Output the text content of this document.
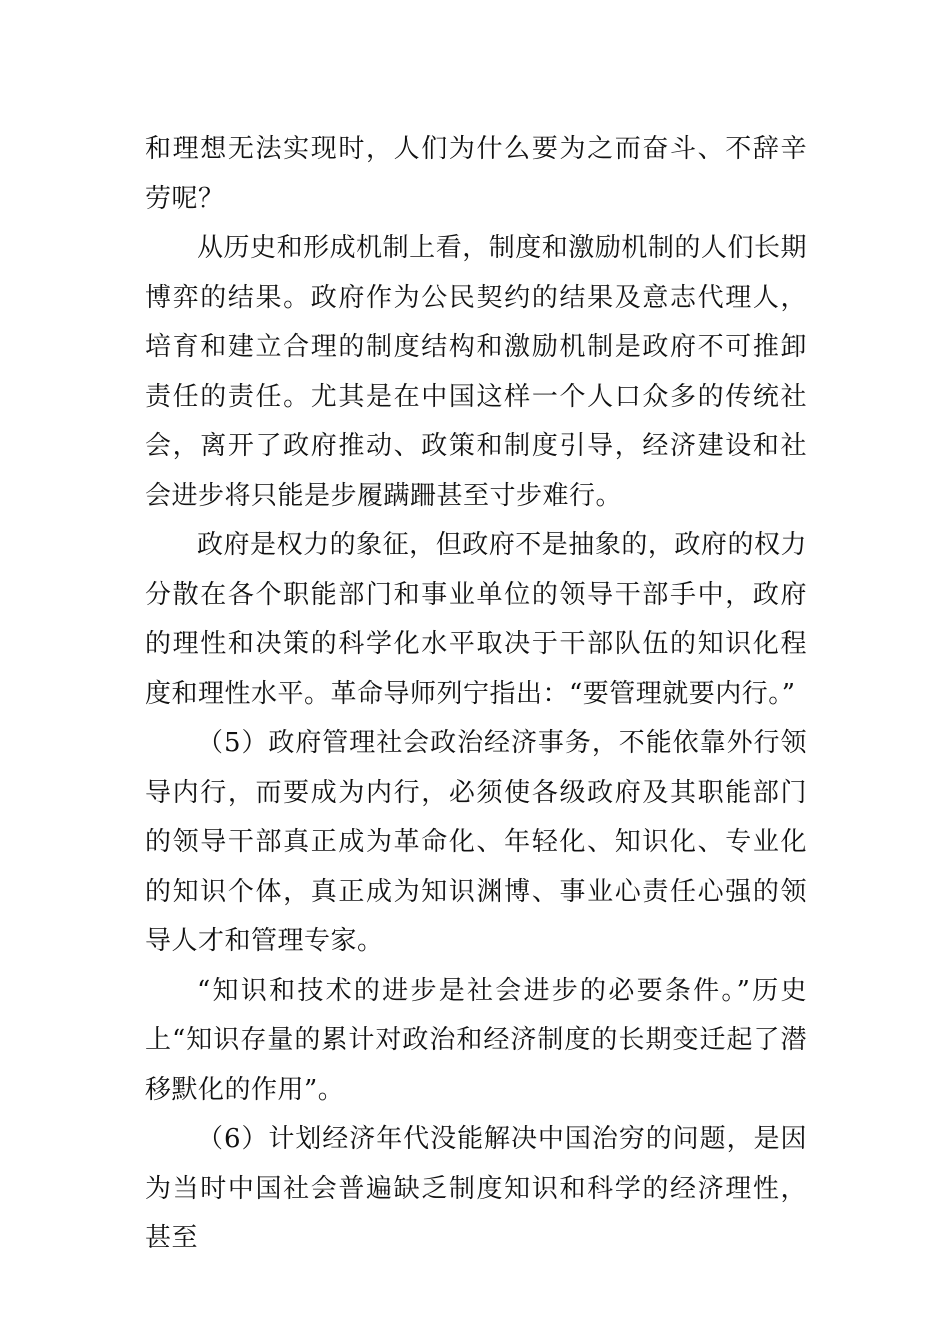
和理想无法实现时，人们为什么要为之而奋斗、不辞辛劳呢？

从历史和形成机制上看，制度和激励机制的人们长期博弈的结果。政府作为公民契约的结果及意志代理人，培育和建立合理的制度结构和激励机制是政府不可推卸责任的责任。尤其是在中国这样一个人口众多的传统社会，离开了政府推动、政策和制度引导，经济建设和社会进步将只能是步履蹒跚甚至寸步难行。

政府是权力的象征，但政府不是抽象的，政府的权力分散在各个职能部门和事业单位的领导干部手中，政府的理性和决策的科学化水平取决于干部队伍的知识化程度和理性水平。革命导师列宁指出：“要管理就要内行。”

（5）政府管理社会政治经济事务，不能依靠外行领导内行，而要成为内行，必须使各级政府及其职能部门的领导干部真正成为革命化、年轻化、知识化、专业化的知识个体，真正成为知识渊博、事业心责任心强的领导人才和管理专家。

“知识和技术的进步是社会进步的必要条件。”历史上“知识存量的累计对政治和经济制度的长期变迁起了潜移默化的作用”。

（6）计划经济年代没能解决中国治穷的问题，是因为当时中国社会普遍缺乏制度知识和科学的经济理性，甚至
